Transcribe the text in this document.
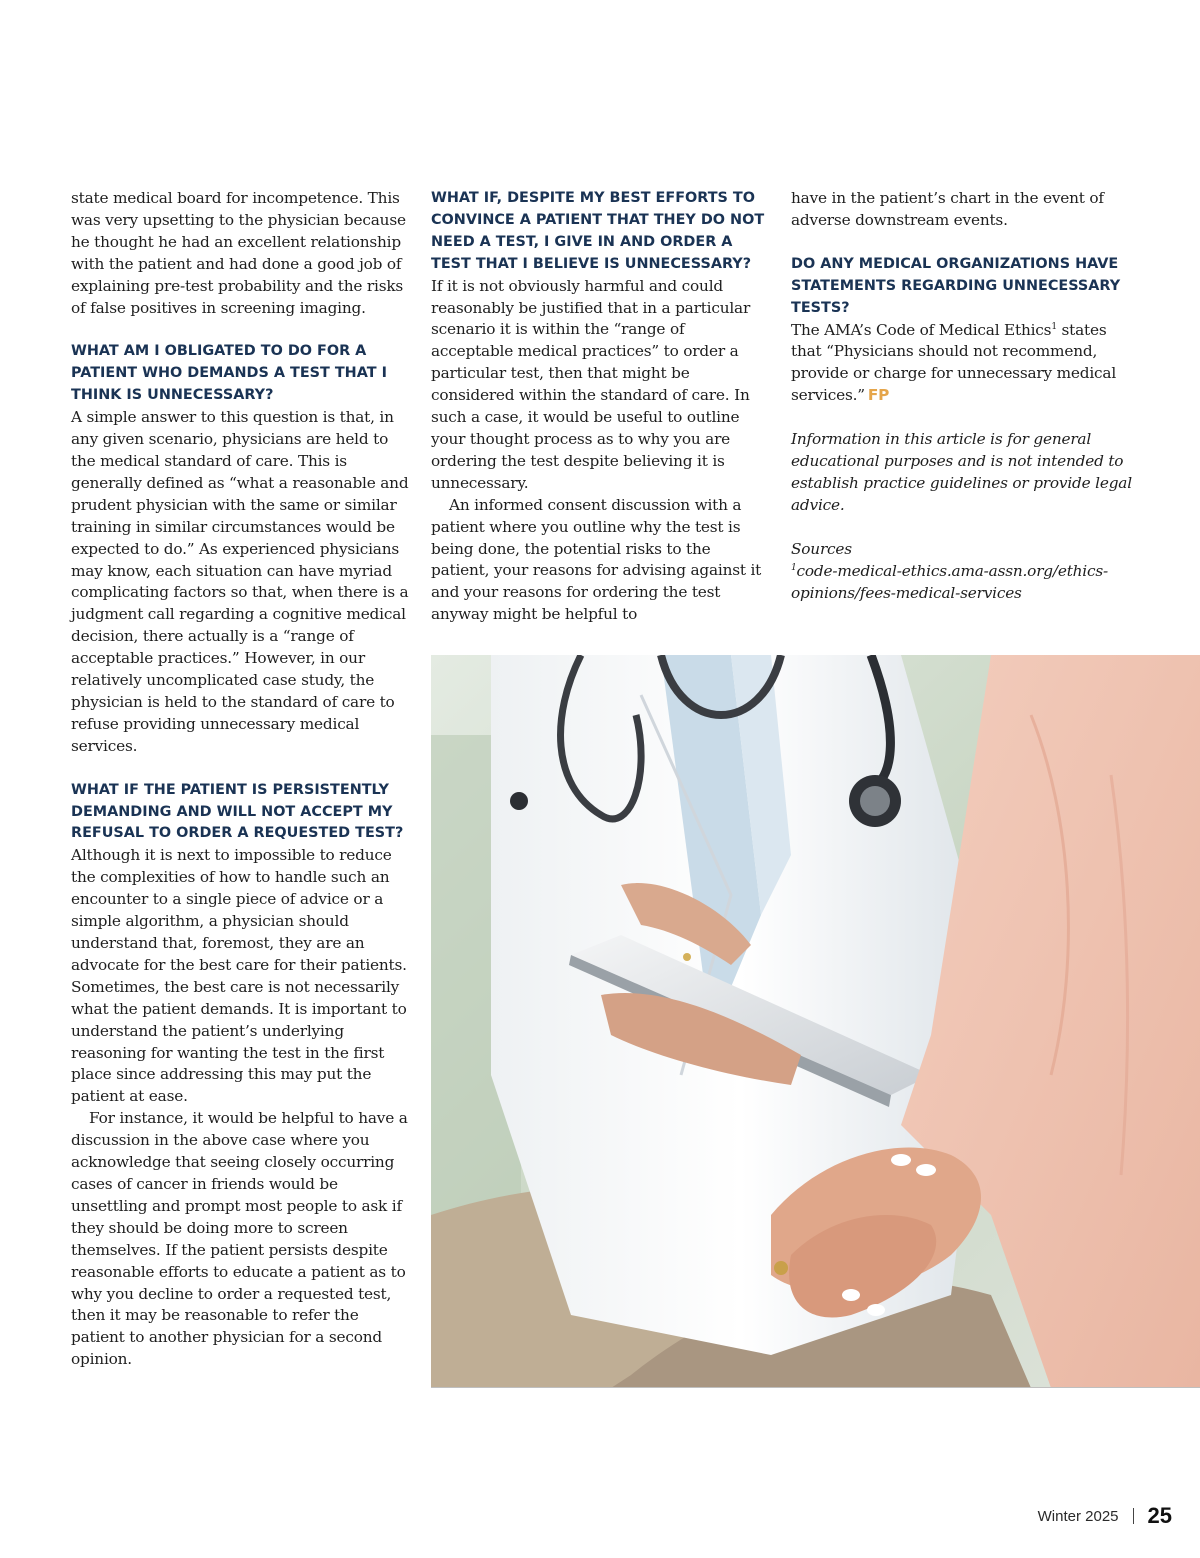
state medical board for incompetence. This was very upsetting to the physician because he thought he had an excellent relationship with the patient and had done a good job of explaining pre-test probability and the risks of false positives in screening imaging.

WHAT AM I OBLIGATED TO DO FOR A PATIENT WHO DEMANDS A TEST THAT I THINK IS UNNECESSARY?

A simple answer to this question is that, in any given scenario, physicians are held to the medical standard of care. This is generally defined as “what a reasonable and prudent physician with the same or similar training in similar circumstances would be expected to do.” As experienced physicians may know, each situation can have myriad complicating factors so that, when there is a judgment call regarding a cognitive medical decision, there actually is a “range of acceptable practices.” However, in our relatively uncomplicated case study, the physician is held to the standard of care to refuse providing unnecessary medical services.

WHAT IF THE PATIENT IS PERSISTENTLY DEMANDING AND WILL NOT ACCEPT MY REFUSAL TO ORDER A REQUESTED TEST?

Although it is next to impossible to reduce the complexities of how to handle such an encounter to a single piece of advice or a simple algorithm, a physician should understand that, foremost, they are an advocate for the best care for their patients. Sometimes, the best care is not necessarily what the patient demands. It is important to understand the patient’s underlying reasoning for wanting the test in the first place since addressing this may put the patient at ease.

For instance, it would be helpful to have a discussion in the above case where you acknowledge that seeing closely occurring cases of cancer in friends would be unsettling and prompt most people to ask if they should be doing more to screen themselves. If the patient persists despite reasonable efforts to educate a patient as to why you decline to order a requested test, then it may be reasonable to refer the patient to another physician for a second opinion.

WHAT IF, DESPITE MY BEST EFFORTS TO CONVINCE A PATIENT THAT THEY DO NOT NEED A TEST, I GIVE IN AND ORDER A TEST THAT I BELIEVE IS UNNECESSARY?

If it is not obviously harmful and could reasonably be justified that in a particular scenario it is within the “range of acceptable medical practices” to order a particular test, then that might be considered within the standard of care. In such a case, it would be useful to outline your thought process as to why you are ordering the test despite believing it is unnecessary.

An informed consent discussion with a patient where you outline why the test is being done, the potential risks to the patient, your reasons for advising against it and your reasons for ordering the test anyway might be helpful to

have in the patient’s chart in the event of adverse downstream events.

DO ANY MEDICAL ORGANIZATIONS HAVE STATEMENTS REGARDING UNNECESSARY TESTS?

The AMA’s Code of Medical Ethics$^1$ states that “Physicians should not recommend, provide or charge for unnecessary medical services.” FP

Information in this article is for general educational purposes and is not intended to establish practice guidelines or provide legal advice.

Sources

$^1$code-medical-ethics.ama-assn.org/ethics-opinions/fees-medical-services

Winter 2025 25
